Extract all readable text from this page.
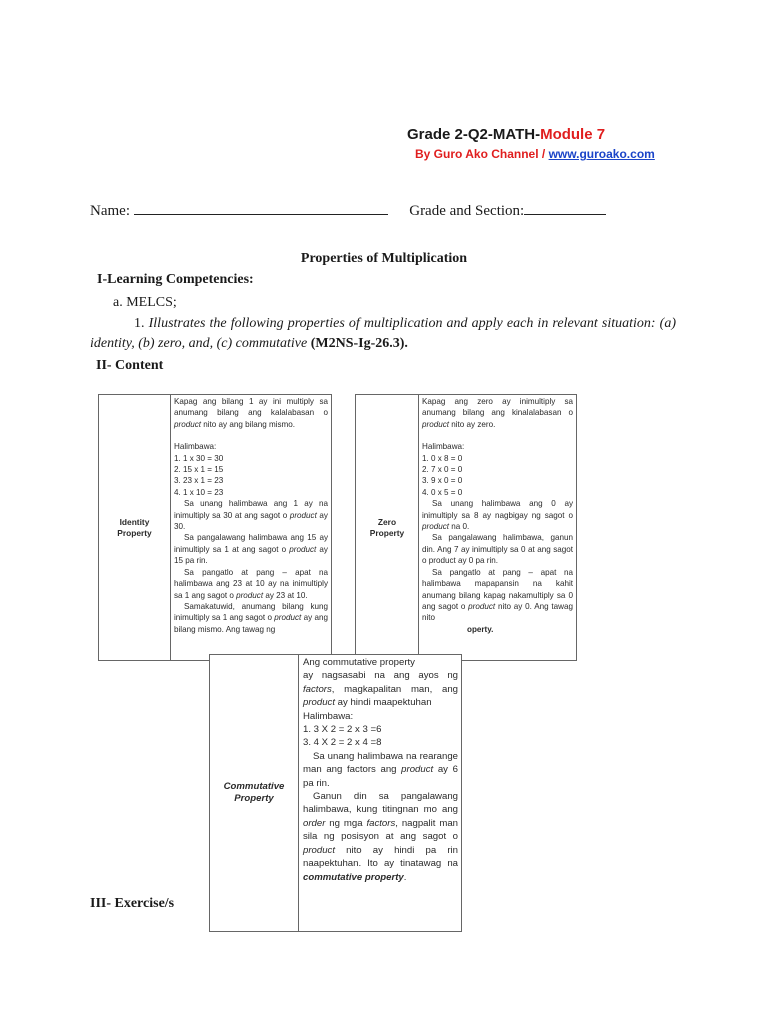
Grade 2-Q2-MATH-Module 7
By Guro Ako Channel / www.guroako.com
Name:	Grade and Section:
Properties of Multiplication
I-Learning Competencies:
a. MELCS;
1. Illustrates the following properties of multiplication and apply each in relevant situation: (a) identity, (b) zero, and, (c) commutative (M2NS-Ig-26.3).
II- Content
Identity
Property

Kapag ang bilang 1 ay ini multiply sa anumang bilang ang kalalabasan o product nito ay ang bilang mismo.

Halimbawa:

1. 1 x 30 = 30

2. 15 x 1 = 15

3. 23 x 1 = 23

4. 1 x 10 = 23

Sa unang halimbawa ang 1 ay na inimultiply sa 30 at ang sagot o product ay 30.

Sa pangalawang halimbawa ang 15 ay inimultiply sa 1 at ang sagot o product ay 15 pa rin.

Sa pangatlo at pang – apat na halimbawa ang 23 at 10 ay na inimultiply sa 1 ang sagot o product ay 23 at 10.

Samakatuwid, anumang bilang kung inimultiply sa 1 ang sagot o product ay ang bilang mismo. Ang tawag ng

Zero
Property

Kapag ang zero ay inimultiply sa anumang bilang ang kinalalabasan o product nito ay zero.

Halimbawa:

1. 0 x 8 = 0

2. 7 x 0 = 0

3. 9 x 0 = 0

4. 0 x 5 = 0

Sa unang halimbawa ang 0 ay inimultiply sa 8 ay nagbigay ng sagot o product na 0.

Sa pangalawang halimbawa, ganun din. Ang 7 ay inimultiply sa 0 at ang sagot o product ay 0 pa rin.

Sa pangatlo at pang – apat na halimbawa mapapansin na kahit anumang bilang kapag nakamultiply sa 0 ang sagot o product nito ay 0. Ang tawag nito

operty.

Commutative
Property

Ang commutative property

ay nagsasabi na ang ayos ng factors, magkapalitan man, ang product ay hindi maapektuhan

Halimbawa:

1. 3 X 2 = 2 x 3 =6

3. 4 X 2 = 2 x 4 =8

Sa unang halimbawa na rearange man ang factors ang product ay 6 pa rin.

Ganun din sa pangalawang halimbawa, kung titingnan mo ang order ng mga factors, nagpalit man sila ng posisyon at ang sagot o product nito ay hindi pa rin naapektuhan. Ito ay tinatawag na commutative property.

III- Exercise/s
